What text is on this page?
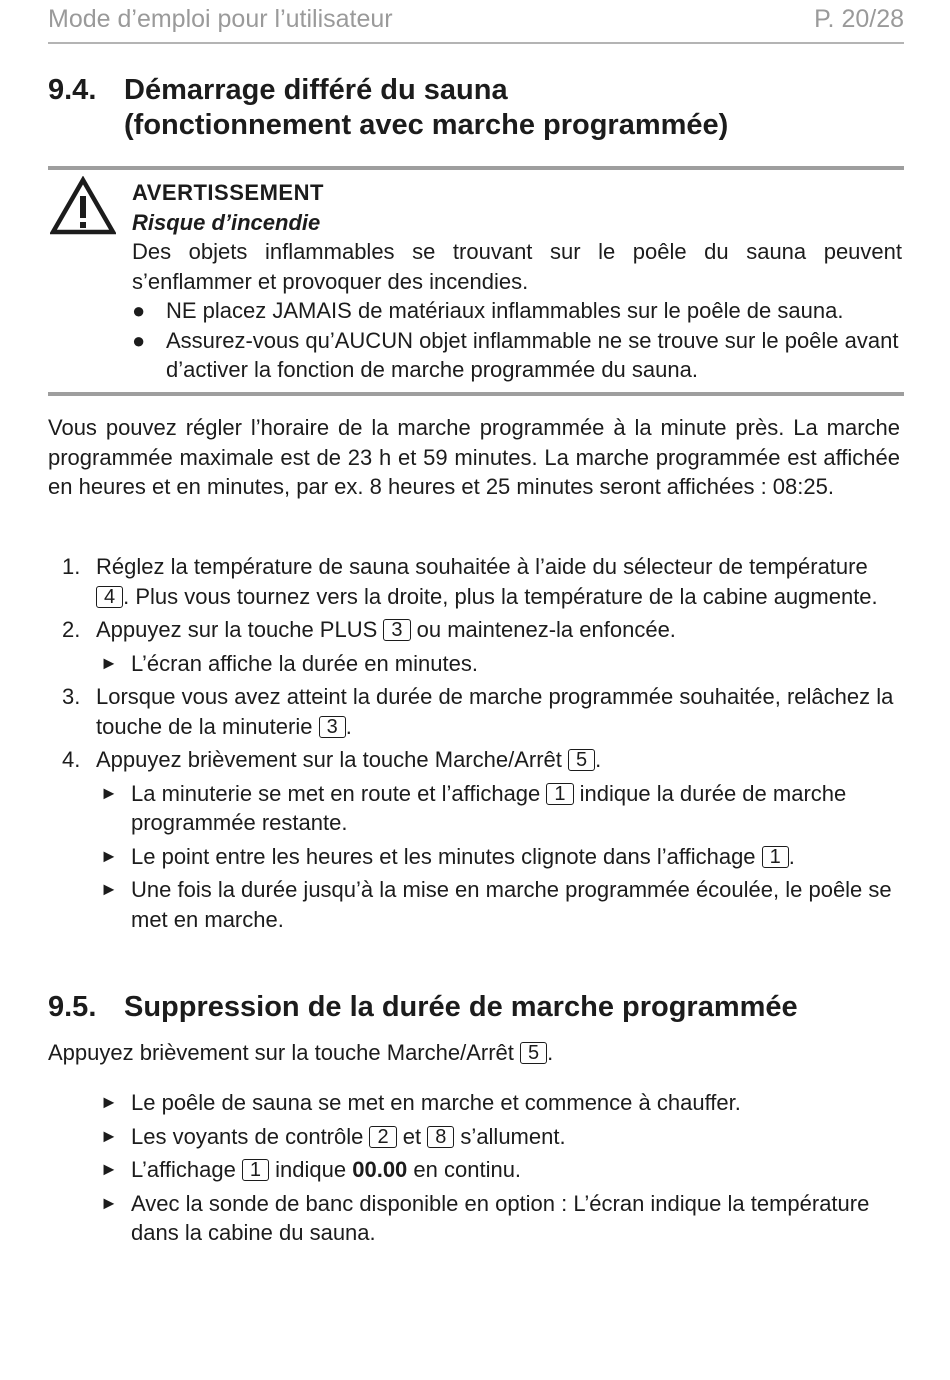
Mode d’emploi pour l’utilisateur	P. 20/28
9.4. Démarrage différé du sauna
(fonctionnement avec marche programmée)
AVERTISSEMENT
Risque d’incendie
Des objets inflammables se trouvant sur le poêle du sauna peuvent s’enflammer et provoquer des incendies.
● NE placez JAMAIS de matériaux inflammables sur le poêle de sauna.
● Assurez-vous qu’AUCUN objet inflammable ne se trouve sur le poêle avant d’activer la fonction de marche programmée du sauna.
Vous pouvez régler l’horaire de la marche programmée à la minute près. La marche programmée maximale est de 23 h et 59 minutes. La marche programmée est affichée en heures et en minutes, par ex. 8 heures et 25 minutes seront affichées : 08:25.
1. Réglez la température de sauna souhaitée à l’aide du sélecteur de température 4 . Plus vous tournez vers la droite, plus la température de la cabine augmente.
2. Appuyez sur la touche PLUS 3 ou maintenez-la enfoncée.
► L’écran affiche la durée en minutes.
3. Lorsque vous avez atteint la durée de marche programmée souhaitée, relâchez la touche de la minuterie 3 .
4. Appuyez brièvement sur la touche Marche/Arrêt 5 .
► La minuterie se met en route et l’affichage 1 indique la durée de marche programmée restante.
► Le point entre les heures et les minutes clignote dans l’affichage 1 .
► Une fois la durée jusqu’à la mise en marche programmée écoulée, le poêle se met en marche.
9.5. Suppression de la durée de marche programmée
Appuyez brièvement sur la touche Marche/Arrêt 5 .
► Le poêle de sauna se met en marche et commence à chauffer.
► Les voyants de contrôle 2 et 8 s’allument.
► L’affichage 1 indique 00.00 en continu.
► Avec la sonde de banc disponible en option : L’écran indique la température dans la cabine du sauna.
